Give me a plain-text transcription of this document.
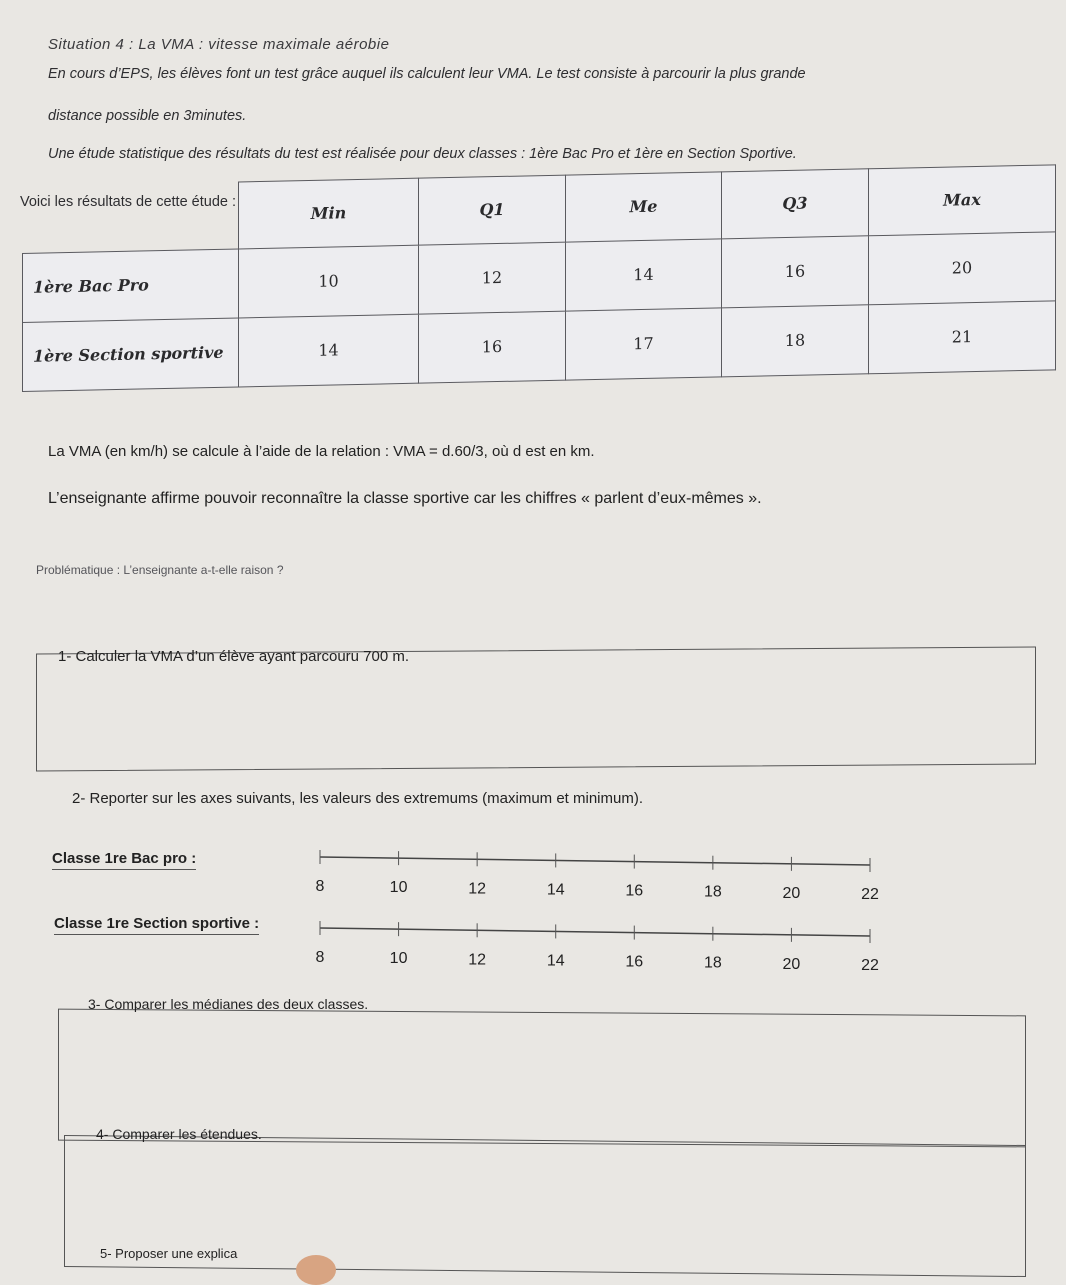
Situation 4 : La VMA : vitesse maximale aérobie
En cours d’EPS, les élèves font un test grâce auquel ils calculent leur VMA. Le test consiste à parcourir la plus grande
distance possible en 3minutes.
Une étude statistique des résultats du test est réalisée pour deux classes : 1ère Bac Pro et 1ère en Section Sportive.
Voici les résultats de cette étude :
	Min	Q1	Me	Q3	Max
1ère Bac Pro	10	12	14	16	20
1ère Section sportive	14	16	17	18	21
La VMA (en km/h) se calcule à l’aide de la relation : VMA = d.60/3, où d est en km.
L’enseignante affirme pouvoir reconnaître la classe sportive car les chiffres « parlent d’eux-mêmes ».
Problématique : L’enseignante a-t-elle raison ?
1- Calculer la VMA d’un élève ayant parcouru 700 m.
2- Reporter sur les axes suivants, les valeurs des extremums (maximum et minimum).
Classe 1re Bac pro :
8	10	12	14	16	18	20	22
Classe 1re Section sportive :
8	10	12	14	16	18	20	22
3- Comparer les médianes des deux classes.
4- Comparer les étendues.
5- Proposer une explica
